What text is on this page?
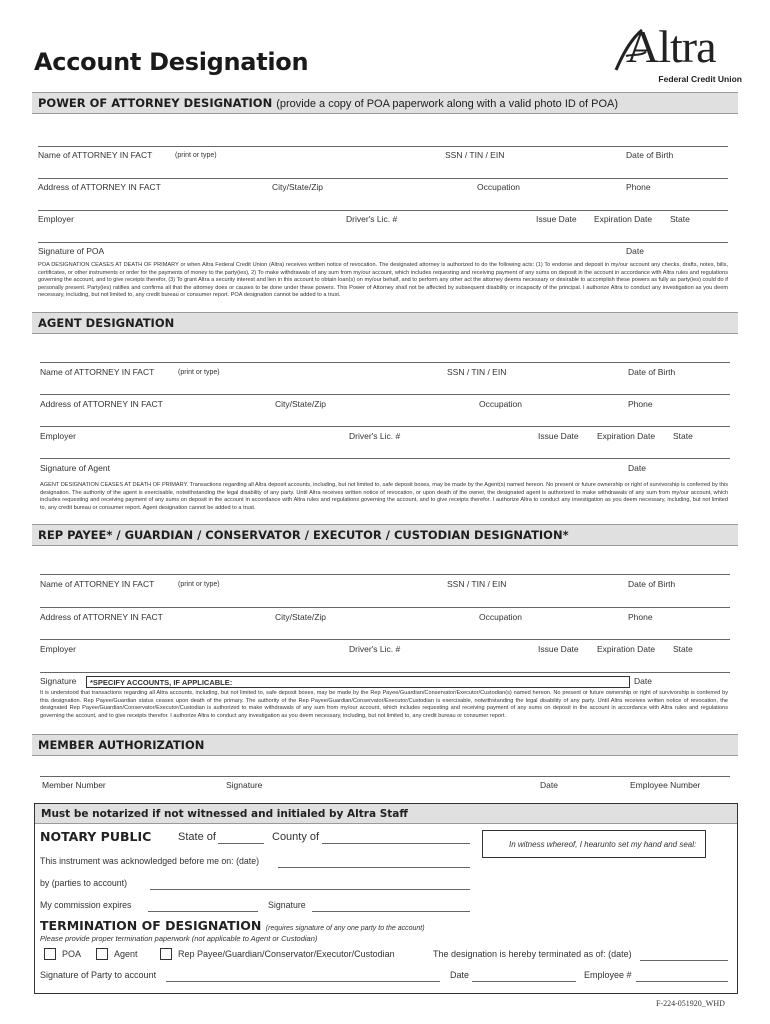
Account Designation	Altra
Federal Credit Union
POWER OF ATTORNEY DESIGNATION (provide a copy of POA paperwork along with a valid photo ID of POA)
Name of ATTORNEY IN FACT	(print or type)	SSN / TIN / EIN	Date of Birth
Address of ATTORNEY IN FACT	City/State/Zip	Occupation	Phone
Employer	Driver's Lic. #	Issue Date Expiration Date State
Signature of POA	Date
POA DESIGNATION CEASES AT DEATH OF PRIMARY or when Altra Federal Credit Union (Altra) receives written notice of revocation. The designated attorney is authorized to do the following acts: (1) To endorse and deposit in my/our account any checks, drafts, notes, bills, certificates, or other instruments or order for the payments of money to the party(ies), 2) To make withdrawals of any sum from my/our account, which includes requesting and receiving payment of any sums on deposit in the account in accordance with Altra rules and regulations governing the account, and to give receipts therefor, (3) To grant Altra a security interest and lien in this account to obtain loan(s) on my/our behalf, and to perform any other act the attorney deems necessary or desirable to accomplish these powers as fully as party(ies) could do if personally present. Party(ies) ratifies and confirms all that the attorney does or causes to be done under these powers. This Power of Attorney shall not be affected by subsequent disability or incapacity of the principal. I authorize Altra to conduct any investigation as you deem necessary, including, but not limited to, any credit bureau or consumer report. POA designation cannot be added to a trust.
AGENT DESIGNATION
Name of ATTORNEY IN FACT	(print or type)	SSN / TIN / EIN	Date of Birth
Address of ATTORNEY IN FACT	City/State/Zip	Occupation	Phone
Employer	Driver's Lic. #	Issue Date Expiration Date State
Signature of Agent	Date
AGENT DESIGNATION CEASES AT DEATH OF PRIMARY. Transactions regarding all Altra deposit accounts, including, but not limited to, safe deposit boxes, may be made by the Agent(s) named hereon. No present or future ownership or right of survivorship is conferred by this designation. The authority of the agent is exercisable, notwithstanding the legal disability of any party. Until Altra receives written notice of revocation, or upon death of the owner, the designated agent is authorized to make withdrawals of any sum from my/our account, which includes requesting and receiving payment of any sums on deposit in the account in accordance with Altra rules and regulations governing the account, and to give receipts therefor. I authorize Altra to conduct any investigation as you deem necessary, including, but not limited to, any credit bureau or consumer report. Agent designation cannot be added to a trust.
REP PAYEE* / GUARDIAN / CONSERVATOR / EXECUTOR / CUSTODIAN DESIGNATION*
Name of ATTORNEY IN FACT	(print or type)	SSN / TIN / EIN	Date of Birth
Address of ATTORNEY IN FACT	City/State/Zip	Occupation	Phone
Employer	Driver's Lic. #	Issue Date Expiration Date State
Signature *SPECIFY ACCOUNTS, IF APPLICABLE:	Date
It is understood that transactions regarding all Altra accounts, including, but not limited to, safe deposit boxes, may be made by the Rep Payee/Guardian/Conservator/Executor/Custodian(s) named hereon. No present or future ownership or right of survivorship is conferred by this designation. Rep Payee/Guardian status ceases upon death of the primary. The authority of the Rep Payee/Guardian/Conservator/Executor/Custodian is exercisable, notwithstanding the legal disability of any party. Until Altra receives written notice of revocation, the designated Rep Payee/Guardian/Conservator/Executor/Custodian is authorized to make withdrawals of any sum from my/our account, which includes requesting and receiving payment of any sums on deposit in the account in accordance with Altra rules and regulations governing the account, and to give receipts therefor. I authorize Altra to conduct any investigation as you deem necessary, including, but not limited to, any credit bureau or consumer report.
MEMBER AUTHORIZATION
Member Number	Signature	Date	Employee Number
Must be notarized if not witnessed and initialed by Altra Staff
NOTARY PUBLIC State of	County of
In witness whereof, I hearunto set my hand and seal:
This instrument was acknowledged before me on: (date)
by (parties to account)
My commission expires	Signature
TERMINATION OF DESIGNATION (requires signature of any one party to the account)
Please provide proper termination paperwork (not applicable to Agent or Custodian)
POA	Agent	Rep Payee/Guardian/Conservator/Executor/Custodian	The designation is hereby terminated as of: (date)
Signature of Party to account	Date	Employee #
F-224-051920_WHD
